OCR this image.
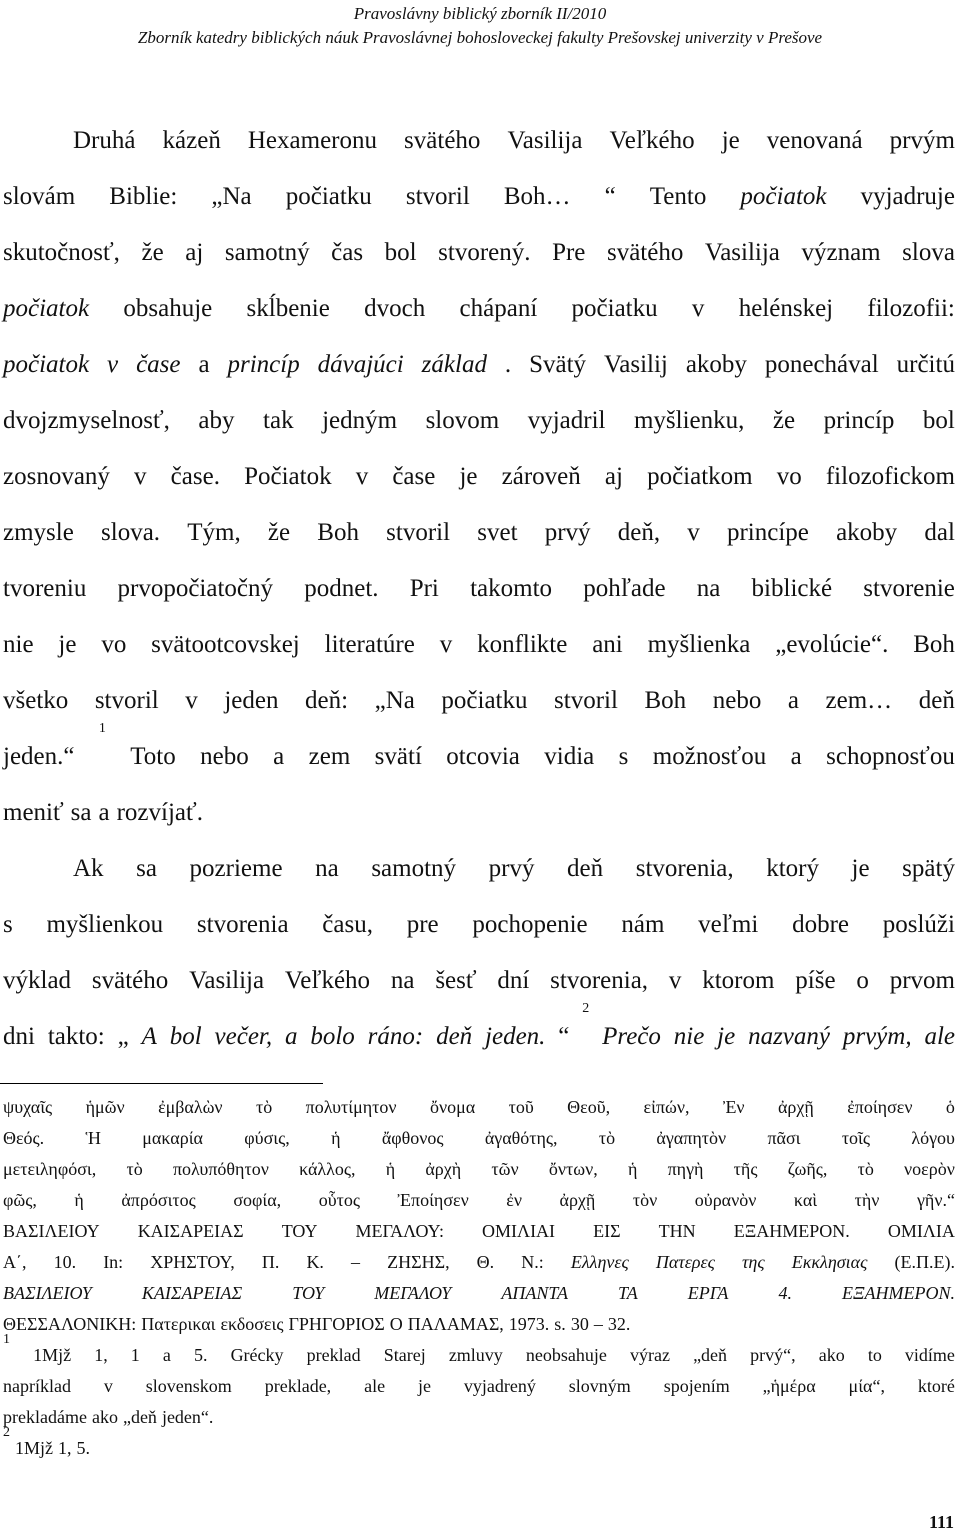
Pravoslávny biblický zborník II/2010
Zborník katedry biblických náuk Pravoslávnej bohosloveckej fakulty Prešovskej univerzity v Prešove
Druhá kázeň Hexameronu svätého Vasilija Veľkého je venovaná prvým
slovám Biblie: „Na počiatku stvoril Boh… “ Tento počiatok vyjadruje
skutočnosť, že aj samotný čas bol stvorený. Pre svätého Vasilija význam slova
počiatok obsahuje skĺbenie dvoch chápaní počiatku v helénskej filozofii:
počiatok v čase a princíp dávajúci základ . Svätý Vasilij akoby ponechával určitú
dvojzmyselnosť, aby tak jedným slovom vyjadril myšlienku, že princíp bol
zosnovaný v čase. Počiatok v čase je zároveň aj počiatkom vo filozofickom
zmysle slova. Tým, že Boh stvoril svet prvý deň, v princípe akoby dal
tvoreniu prvopočiatočný podnet. Pri takomto pohľade na biblické stvorenie
nie je vo svätootcovskej literatúre v konflikte ani myšlienka „evolúcie“. Boh
všetko stvoril v jeden deň: „Na počiatku stvoril Boh nebo a zem… deň
jeden.“
1
Toto nebo a zem svätí otcovia vidia s možnosťou a schopnosťou
meniť sa a rozvíjať.
Ak sa pozrieme na samotný prvý deň stvorenia, ktorý je spätý
s myšlienkou stvorenia času, pre pochopenie nám veľmi dobre poslúži
výklad svätého Vasilija Veľkého na šesť dní stvorenia, v ktorom píše o prvom
dni takto: „ A bol večer, a bolo ráno: deň jeden. “
2
Prečo nie je nazvaný prvým, ale
ψυχαῖς ἡμῶν ἐμβαλὼν τὸ πολυτίμητον ὄνομα τοῦ Θεοῦ, εἰπών, Ἐν ἀρχῇ ἐποίησεν ὁ
Θεός. Ἡ μακαρία φύσις, ἡ ἄφθονος ἀγαθότης, τὸ ἀγαπητὸν πᾶσι τοῖς λόγου
μετειληφόσι, τὸ πολυπόθητον κάλλος, ἡ ἀρχὴ τῶν ὄντων, ἡ πηγὴ τῆς ζωῆς, τὸ νοερὸν
φῶς, ἡ ἀπρόσιτος σοφία, οὗτος Ἐποίησεν ἐν ἀρχῇ τὸν οὐρανὸν καὶ τὴν γῆν.“
ΒΑΣΙΛΕΙΟΥ ΚΑΙΣΑΡΕΙΑΣ ΤΟΥ ΜΕΓΑΛΟΥ: ΟΜΙΛΙΑΙ ΕΙΣ ΤΗΝ ΕΞΑΗΜΕΡΟΝ. ΟΜΙΛΙΑ
Α΄, 10. In: ΧΡΗΣΤΟΥ, Π. Κ. – ΖΗΣΗΣ, Θ. Ν.: Ελληνες Πατερες της Εκκλησιας (Ε.Π.Ε).
ΒΑΣΙΛΕΙΟΥ	ΚΑΙΣΑΡΕΙΑΣ	ΤΟΥ	ΜΕΓΑΛΟΥ	ΑΠΑΝΤΑ	ΤΑ	ΕΡΓΑ	4.	ΕΞΑΗΜΕΡΟΝ.
ΘΕΣΣΑΛΟΝΙΚΗ: Πατερικαι εκδοσεις ΓΡΗΓΟΡΙΟΣ Ο ΠΑΛΑΜΑΣ, 1973. s. 30 – 32.
1
1Mjž 1, 1 a 5. Grécky preklad Starej zmluvy neobsahuje výraz „deň prvý“, ako to vidíme
napríklad v slovenskom preklade, ale je vyjadrený slovným spojením „ἡμέρα μία“, ktoré
prekladáme ako „deň jeden“.
2
1Mjž 1, 5.
111
